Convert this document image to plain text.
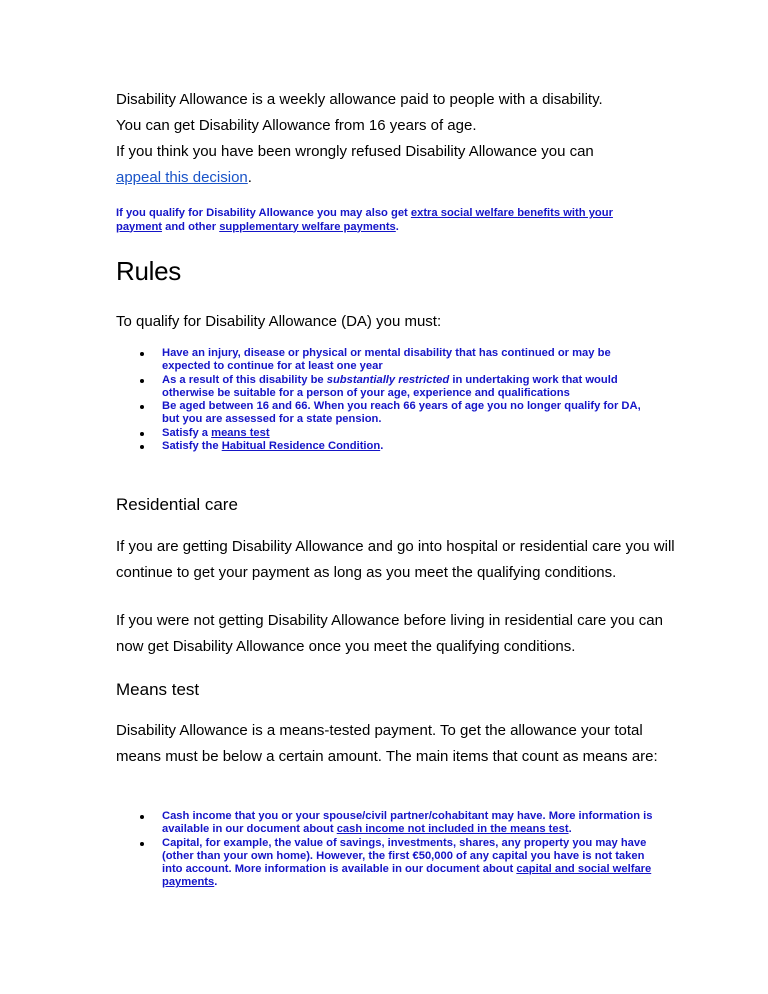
Disability Allowance is a weekly allowance paid to people with a disability.

You can get Disability Allowance from 16 years of age.

If you think you have been wrongly refused Disability Allowance you can

appeal this decision.

If you qualify for Disability Allowance you may also get extra social welfare benefits with your payment and other supplementary welfare payments.
Rules

To qualify for Disability Allowance (DA) you must:

Have an injury, disease or physical or mental disability that has continued or may be expected to continue for at least one year
As a result of this disability be substantially restricted in undertaking work that would otherwise be suitable for a person of your age, experience and qualifications
Be aged between 16 and 66. When you reach 66 years of age you no longer qualify for DA, but you are assessed for a state pension.
Satisfy a means test
Satisfy the Habitual Residence Condition.
Residential care

If you are getting Disability Allowance and go into hospital or residential care you will continue to get your payment as long as you meet the qualifying conditions.

If you were not getting Disability Allowance before living in residential care you can now get Disability Allowance once you meet the qualifying conditions.

Means test

Disability Allowance is a means-tested payment. To get the allowance your total means must be below a certain amount. The main items that count as means are:

Cash income that you or your spouse/civil partner/cohabitant may have. More information is available in our document about cash income not included in the means test.
Capital, for example, the value of savings, investments, shares, any property you may have (other than your own home). However, the first €50,000 of any capital you have is not taken into account. More information is available in our document about capital and social welfare payments.
